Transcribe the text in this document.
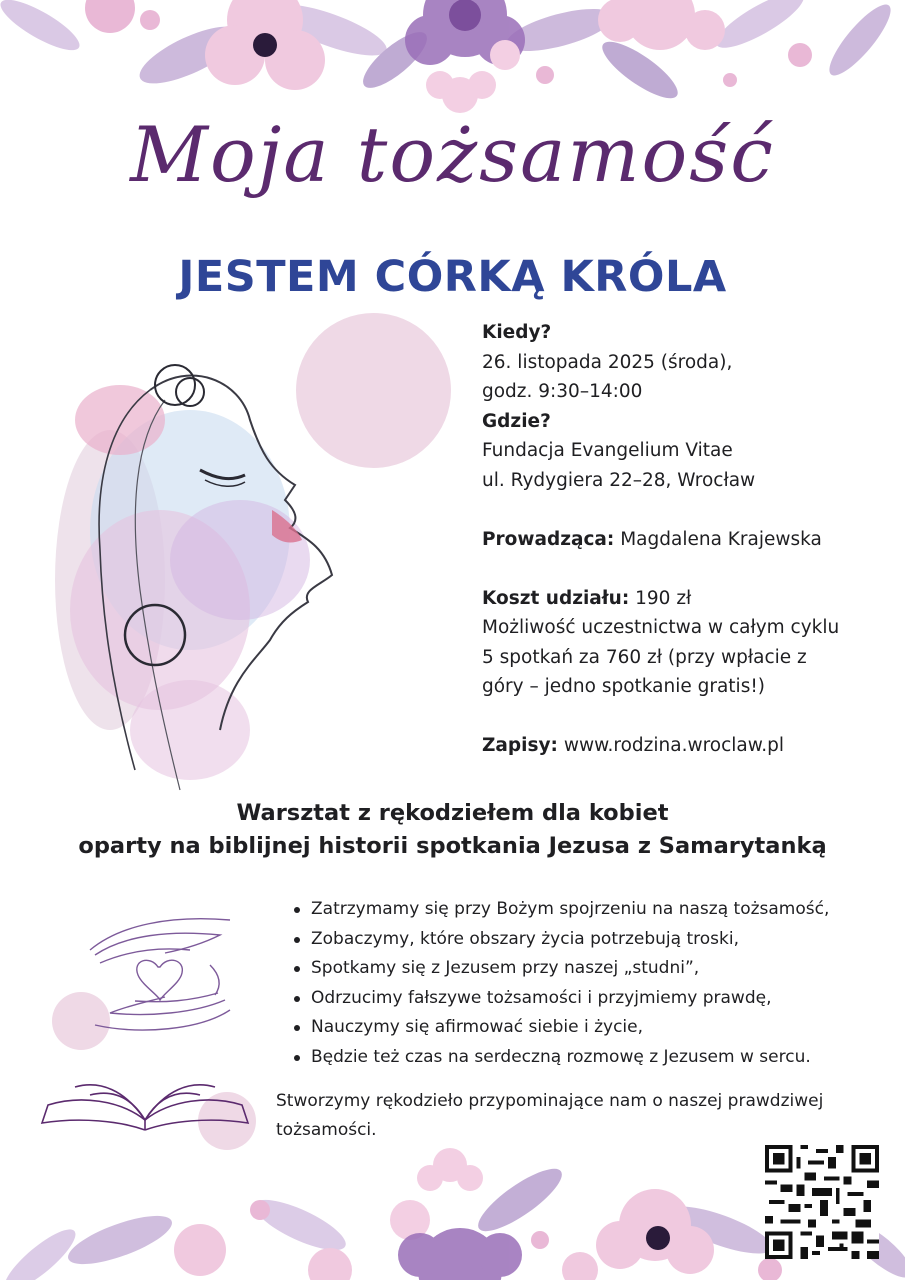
Moja tożsamość
JESTEM CÓRKĄ KRÓLA
Kiedy?
26. listopada 2025 (środa),
godz. 9:30–14:00
Gdzie?
Fundacja Evangelium Vitae
ul. Rydygiera 22–28, Wrocław
Prowadząca: Magdalena Krajewska
Koszt udziału: 190 zł
Możliwość uczestnictwa w całym cyklu
5 spotkań za 760 zł (przy wpłacie z
góry – jedno spotkanie gratis!)
Zapisy: www.rodzina.wroclaw.pl
Warsztat z rękodziełem dla kobiet
oparty na biblijnej historii spotkania Jezusa z Samarytanką
Zatrzymamy się przy Bożym spojrzeniu na naszą tożsamość,
Zobaczymy, które obszary życia potrzebują troski,
Spotkamy się z Jezusem przy naszej „studni”,
Odrzucimy fałszywe tożsamości i przyjmiemy prawdę,
Nauczymy się afirmować siebie i życie,
Będzie też czas na serdeczną rozmowę z Jezusem w sercu.
Stworzymy rękodzieło przypominające nam o naszej prawdziwej
tożsamości.
